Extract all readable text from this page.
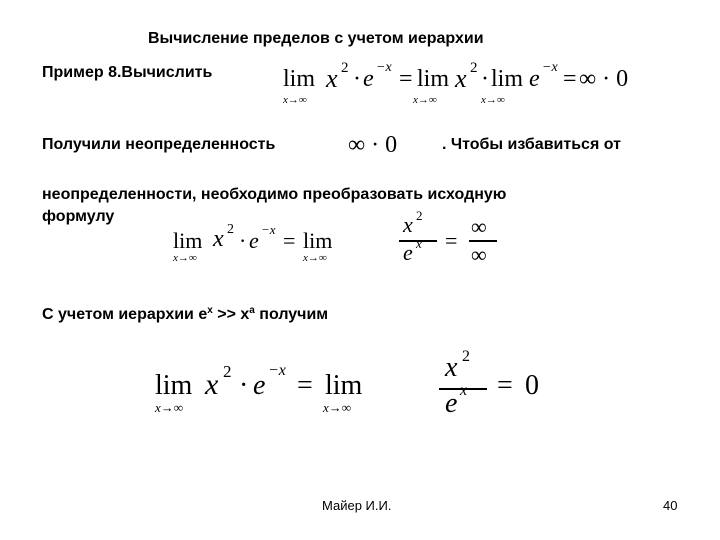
Вычисление пределов с учетом иерархии
Пример 8.Вычислить	lim
x→∞
x 2 · e −x = lim
x→∞
x 2 · lim
x→∞
e −x = ∞ · 0
Получили неопределенность	∞ · 0	. Чтобы избавиться от
неопределенности, необходимо преобразовать исходную
формулу
lim
x→∞
x 2 · e −x = lim
x→∞
x 2
e x =
∞
∞
С учетом иерархии $e^x >> x^a$ получим
lim
x→∞
x 2 · e −x = lim
x→∞
x 2
e x = 0
Майер И.И.	40
